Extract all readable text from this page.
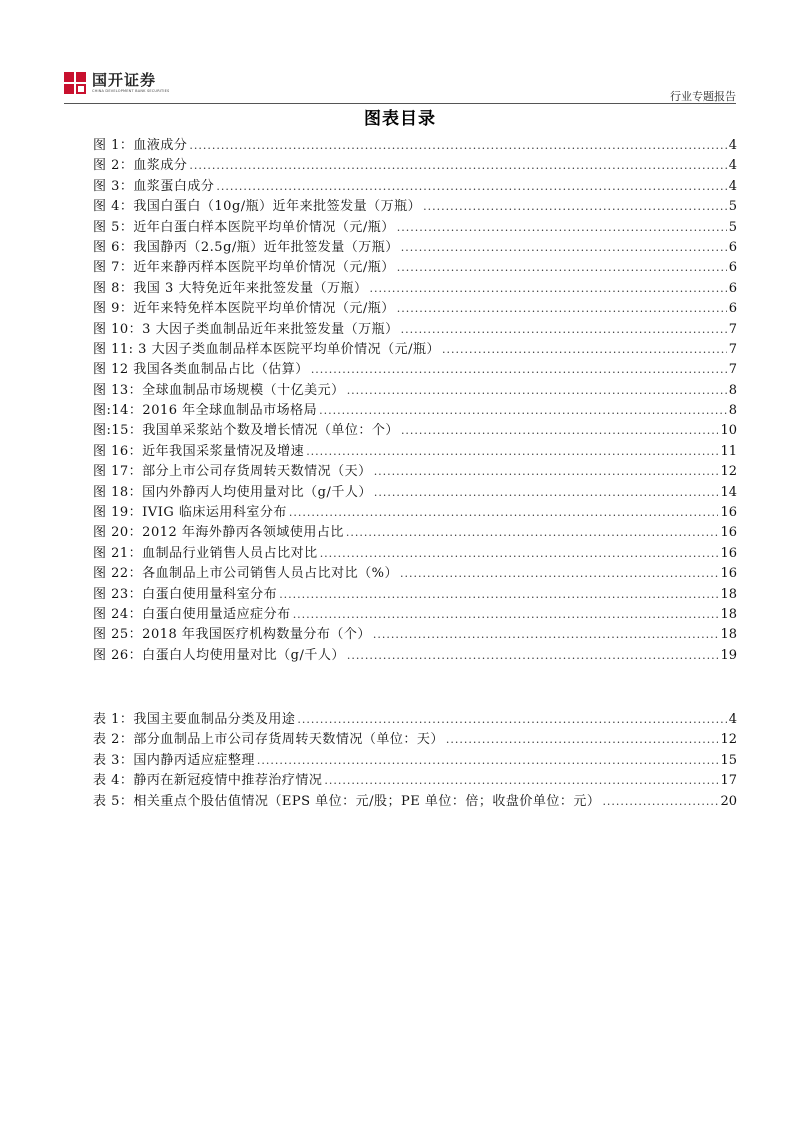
国开证券
CHINA DEVELOPMENT BANK SECURITIES	行业专题报告
图表目录
图 1：血液成分 .....	4
图 2：血浆成分 .....	4
图 3：血浆蛋白成分 .....	4
图 4：我国白蛋白（10g/瓶）近年来批签发量（万瓶） .....	5
图 5：近年白蛋白样本医院平均单价情况（元/瓶） .....	5
图 6：我国静丙（2.5g/瓶）近年批签发量（万瓶） .....	6
图 7：近年来静丙样本医院平均单价情况（元/瓶） .....	6
图 8：我国 3 大特免近年来批签发量（万瓶） .....	6
图 9：近年来特免样本医院平均单价情况（元/瓶） .....	6
图 10：3 大因子类血制品近年来批签发量（万瓶） .....	7
图 11: 3 大因子类血制品样本医院平均单价情况（元/瓶） .....	7
图 12 我国各类血制品占比（估算） .....	7
图 13：全球血制品市场规模（十亿美元） .....	8
图:14：2016 年全球血制品市场格局 .....	8
图:15：我国单采浆站个数及增长情况（单位：个） .....	10
图 16：近年我国采浆量情况及增速 .....	11
图 17：部分上市公司存货周转天数情况（天） .....	12
图 18：国内外静丙人均使用量对比（g/千人） .....	14
图 19：IVIG 临床运用科室分布 .....	16
图 20：2012 年海外静丙各领域使用占比 .....	16
图 21：血制品行业销售人员占比对比 .....	16
图 22：各血制品上市公司销售人员占比对比（%） .....	16
图 23：白蛋白使用量科室分布 .....	18
图 24：白蛋白使用量适应症分布 .....	18
图 25：2018 年我国医疗机构数量分布（个） .....	18
图 26：白蛋白人均使用量对比（g/千人） .....	19
表 1：我国主要血制品分类及用途 .....	4
表 2：部分血制品上市公司存货周转天数情况（单位：天） .....	12
表 3：国内静丙适应症整理 .....	15
表 4：静丙在新冠疫情中推荐治疗情况 .....	17
表 5：相关重点个股估值情况（EPS 单位：元/股；PE 单位：倍；收盘价单位：元） .....	20
